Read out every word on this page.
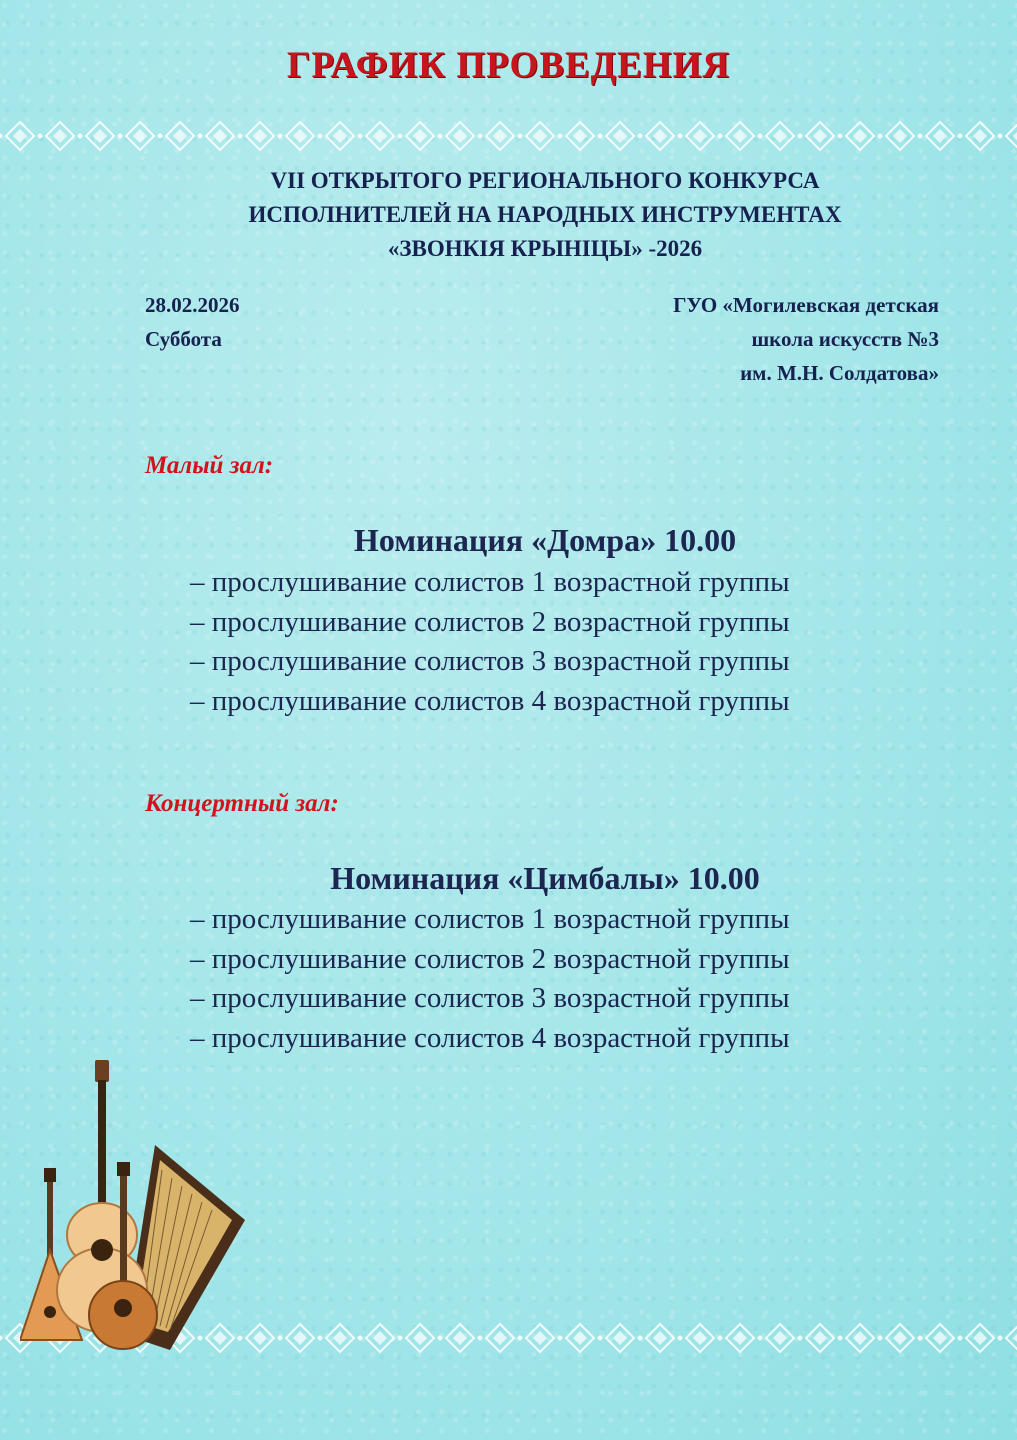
ГРАФИК ПРОВЕДЕНИЯ
VII ОТКРЫТОГО РЕГИОНАЛЬНОГО КОНКУРСА
ИСПОЛНИТЕЛЕЙ НА НАРОДНЫХ ИНСТРУМЕНТАХ
«ЗВОНКІЯ КРЫНІЦЫ» -2026
28.02.2026
Суббота
ГУО «Могилевская детская
школа искусств №3
им. М.Н. Солдатова»
Малый зал:
Номинация «Домра» 10.00
– прослушивание солистов 1 возрастной группы
– прослушивание солистов 2 возрастной группы
– прослушивание солистов 3 возрастной группы
– прослушивание солистов 4 возрастной группы
Концертный зал:
Номинация «Цимбалы» 10.00
– прослушивание солистов 1 возрастной группы
– прослушивание солистов 2 возрастной группы
– прослушивание солистов 3 возрастной группы
– прослушивание солистов 4 возрастной группы
